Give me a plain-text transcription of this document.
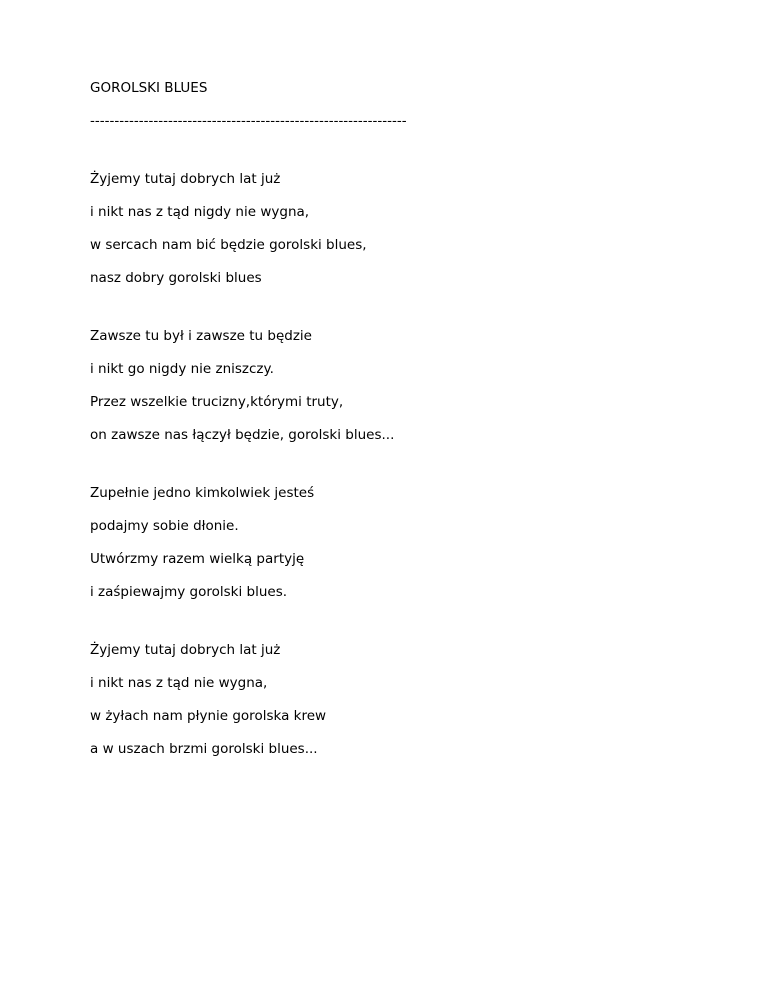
GOROLSKI BLUES
-----------------------------------------------------------------
Żyjemy tutaj dobrych lat już
i nikt nas z tąd nigdy nie wygna,
w sercach nam bić będzie gorolski blues,
nasz dobry gorolski blues
Zawsze tu był i zawsze tu będzie
i nikt go nigdy nie zniszczy.
Przez wszelkie trucizny,którymi truty,
on zawsze nas łączył będzie, gorolski blues...
Zupełnie jedno kimkolwiek jesteś
podajmy sobie dłonie.
Utwórzmy razem wielką partyję
i zaśpiewajmy gorolski blues.
Żyjemy tutaj dobrych lat już
i nikt nas z tąd nie wygna,
w żyłach nam płynie gorolska krew
a w uszach brzmi gorolski blues...
